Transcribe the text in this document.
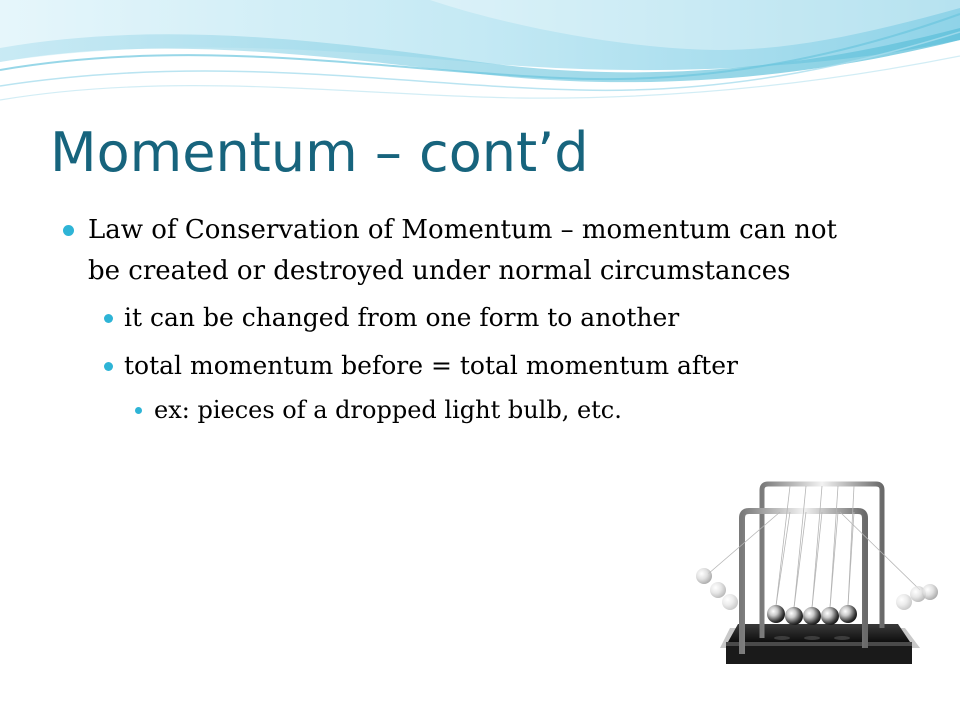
Momentum – cont’d
Law of Conservation of Momentum – momentum can not be created or destroyed under normal circumstances
it can be changed from one form to another
total momentum before = total momentum after
ex: pieces of a dropped light bulb, etc.
